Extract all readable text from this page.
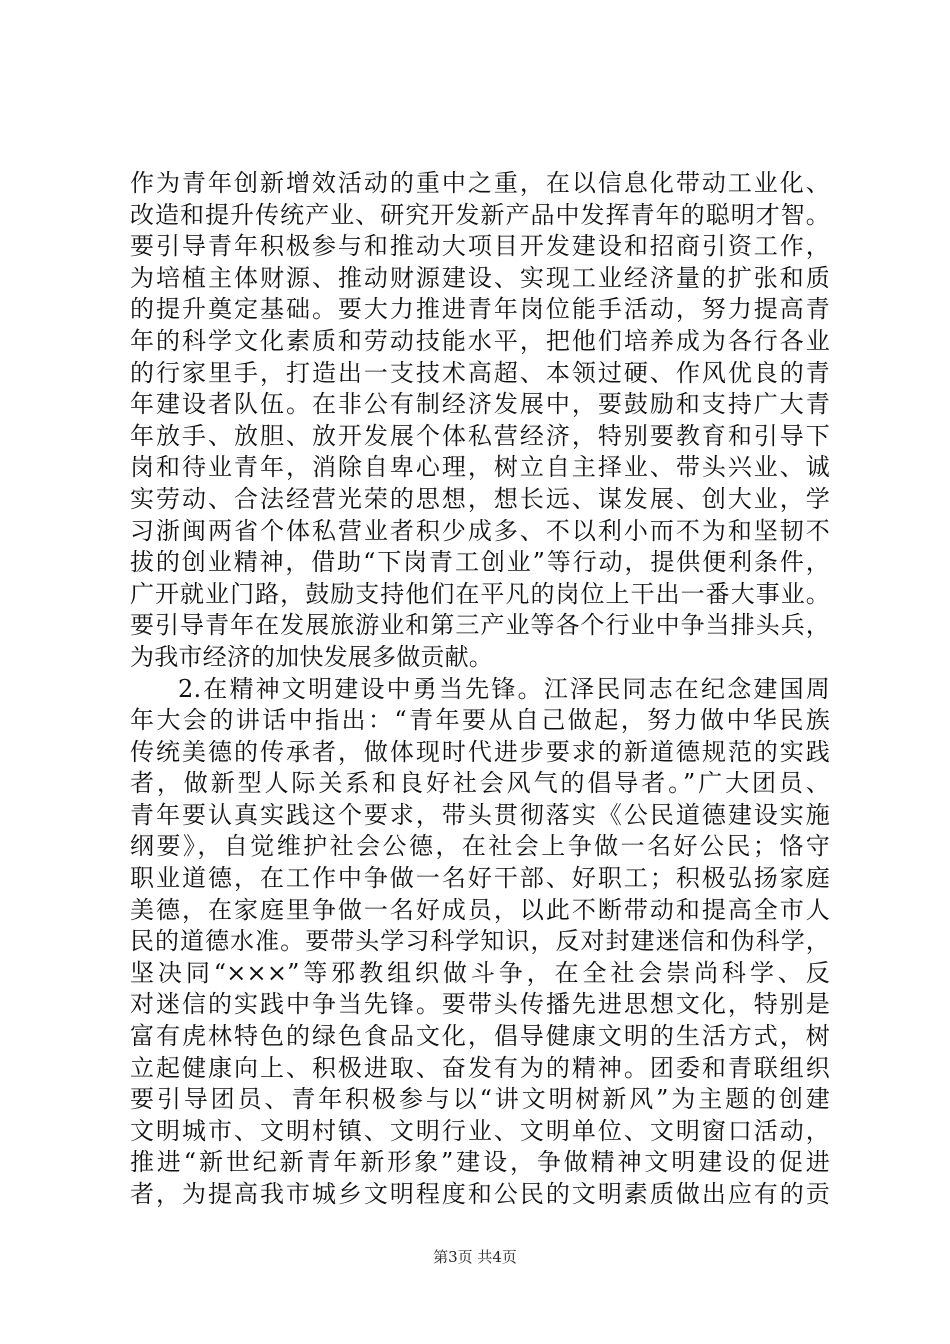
作为青年创新增效活动的重中之重，在以信息化带动工业化、
改造和提升传统产业、研究开发新产品中发挥青年的聪明才智。
要引导青年积极参与和推动大项目开发建设和招商引资工作，
为培植主体财源、推动财源建设、实现工业经济量的扩张和质
的提升奠定基础。要大力推进青年岗位能手活动，努力提高青
年的科学文化素质和劳动技能水平，把他们培养成为各行各业
的行家里手，打造出一支技术高超、本领过硬、作风优良的青
年建设者队伍。在非公有制经济发展中，要鼓励和支持广大青
年放手、放胆、放开发展个体私营经济，特别要教育和引导下
岗和待业青年，消除自卑心理，树立自主择业、带头兴业、诚
实劳动、合法经营光荣的思想，想长远、谋发展、创大业，学
习浙闽两省个体私营业者积少成多、不以利小而不为和坚韧不
拔的创业精神，借助“下岗青工创业”等行动，提供便利条件，
广开就业门路，鼓励支持他们在平凡的岗位上干出一番大事业。
要引导青年在发展旅游业和第三产业等各个行业中争当排头兵，
为我市经济的加快发展多做贡献。
2.在精神文明建设中勇当先锋。江泽民同志在纪念建国周
年大会的讲话中指出：“青年要从自己做起，努力做中华民族
传统美德的传承者，做体现时代进步要求的新道德规范的实践
者，做新型人际关系和良好社会风气的倡导者。”广大团员、
青年要认真实践这个要求，带头贯彻落实《公民道德建设实施
纲要》，自觉维护社会公德，在社会上争做一名好公民；恪守
职业道德，在工作中争做一名好干部、好职工；积极弘扬家庭
美德，在家庭里争做一名好成员，以此不断带动和提高全市人
民的道德水准。要带头学习科学知识，反对封建迷信和伪科学，
坚决同“×××”等邪教组织做斗争，在全社会崇尚科学、反
对迷信的实践中争当先锋。要带头传播先进思想文化，特别是
富有虎林特色的绿色食品文化，倡导健康文明的生活方式，树
立起健康向上、积极进取、奋发有为的精神。团委和青联组织
要引导团员、青年积极参与以“讲文明树新风”为主题的创建
文明城市、文明村镇、文明行业、文明单位、文明窗口活动，
推进“新世纪新青年新形象”建设，争做精神文明建设的促进
者，为提高我市城乡文明程度和公民的文明素质做出应有的贡
第3页 共4页
